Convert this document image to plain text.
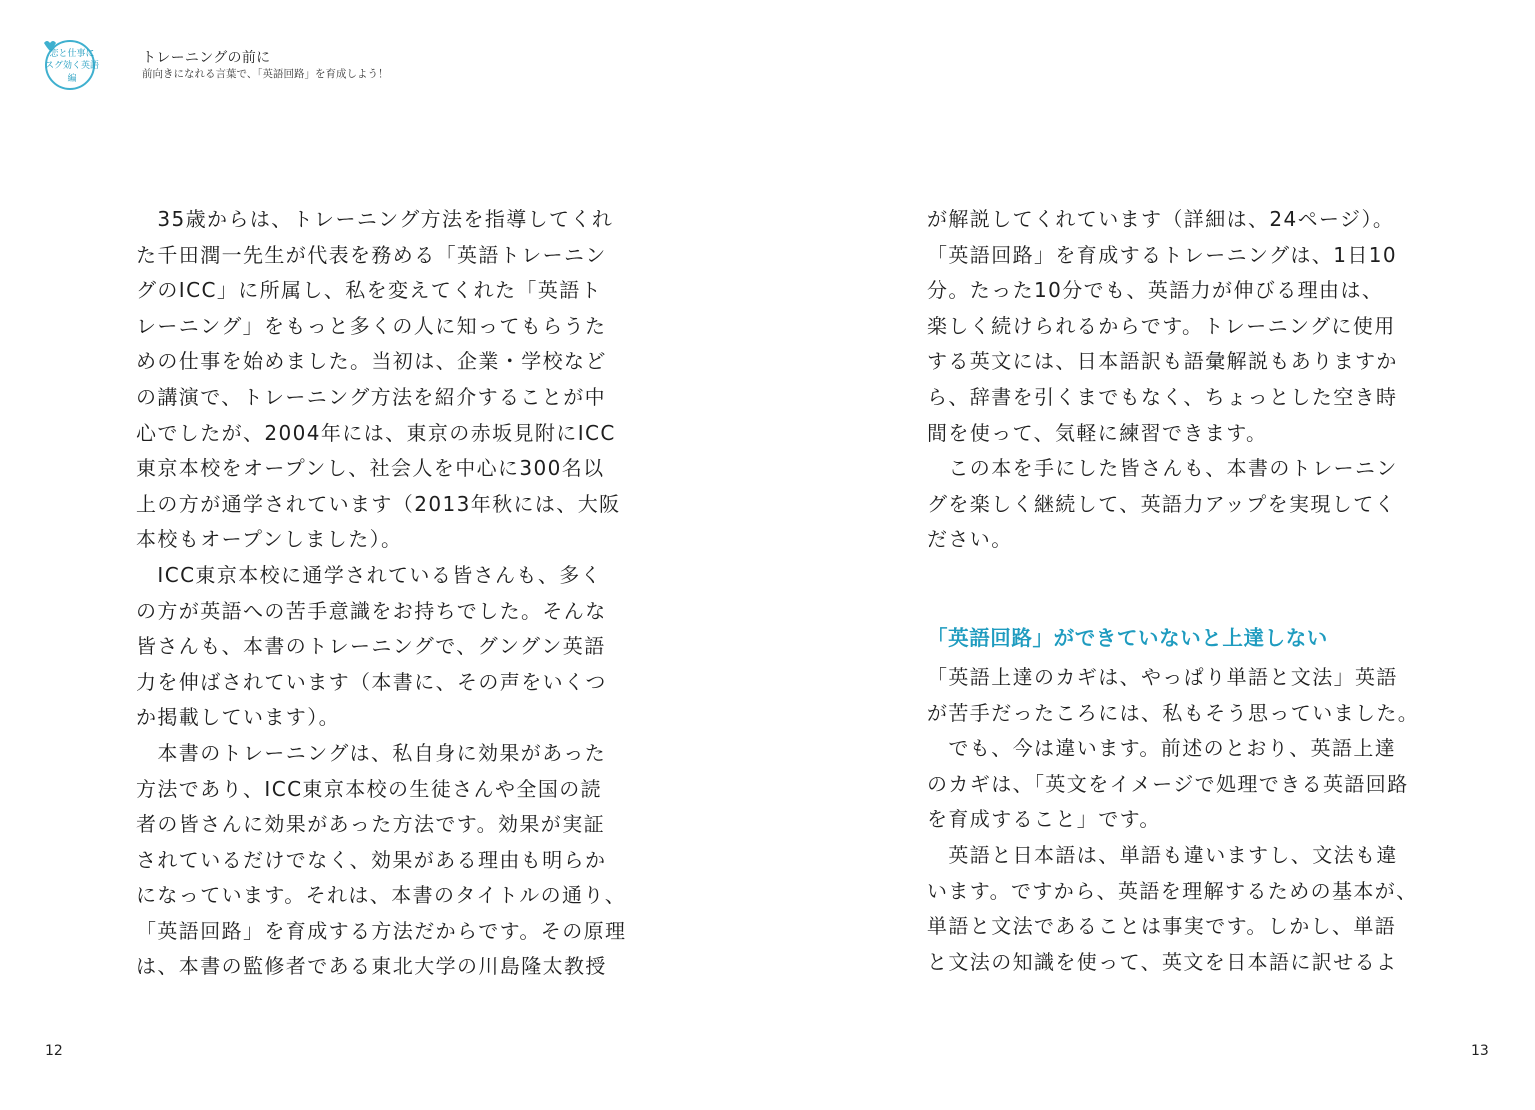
恋と仕事に
スグ効く英語
編
トレーニングの前に
前向きになれる言葉で、「英語回路」を育成しよう！
　35歳からは、トレーニング方法を指導してくれ
た千田潤一先生が代表を務める「英語トレーニン
グのICC」に所属し、私を変えてくれた「英語ト
レーニング」をもっと多くの人に知ってもらうた
めの仕事を始めました。当初は、企業・学校など
の講演で、トレーニング方法を紹介することが中
心でしたが、2004年には、東京の赤坂見附にICC
東京本校をオープンし、社会人を中心に300名以
上の方が通学されています（2013年秋には、大阪
本校もオープンしました）。
　ICC東京本校に通学されている皆さんも、多く
の方が英語への苦手意識をお持ちでした。そんな
皆さんも、本書のトレーニングで、グングン英語
力を伸ばされています（本書に、その声をいくつ
か掲載しています）。
　本書のトレーニングは、私自身に効果があった
方法であり、ICC東京本校の生徒さんや全国の読
者の皆さんに効果があった方法です。効果が実証
されているだけでなく、効果がある理由も明らか
になっています。それは、本書のタイトルの通り、
「英語回路」を育成する方法だからです。その原理
は、本書の監修者である東北大学の川島隆太教授
が解説してくれています（詳細は、24ページ）。
「英語回路」を育成するトレーニングは、1日10
分。たった10分でも、英語力が伸びる理由は、
楽しく続けられるからです。トレーニングに使用
する英文には、日本語訳も語彙解説もありますか
ら、辞書を引くまでもなく、ちょっとした空き時
間を使って、気軽に練習できます。
　この本を手にした皆さんも、本書のトレーニン
グを楽しく継続して、英語力アップを実現してく
ださい。
「英語回路」ができていないと上達しない
「英語上達のカギは、やっぱり単語と文法」英語
が苦手だったころには、私もそう思っていました。
　でも、今は違います。前述のとおり、英語上達
のカギは、「英文をイメージで処理できる英語回路
を育成すること」です。
　英語と日本語は、単語も違いますし、文法も違
います。ですから、英語を理解するための基本が、
単語と文法であることは事実です。しかし、単語
と文法の知識を使って、英文を日本語に訳せるよ
12	13
